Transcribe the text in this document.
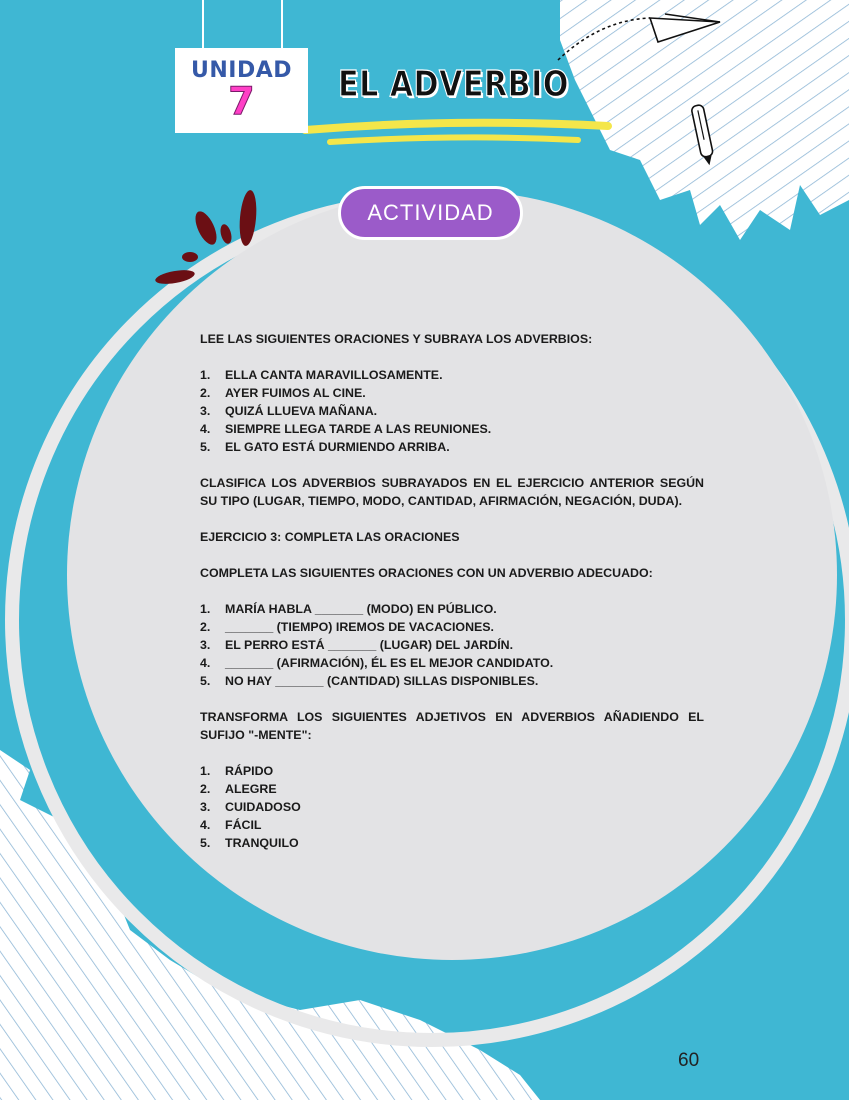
UNIDAD
7	EL ADVERBIO
ACTIVIDAD

LEE LAS SIGUIENTES ORACIONES Y SUBRAYA LOS ADVERBIOS:

1. ELLA CANTA MARAVILLOSAMENTE.
2. AYER FUIMOS AL CINE.
3. QUIZÁ LLUEVA MAÑANA.
4. SIEMPRE LLEGA TARDE A LAS REUNIONES.
5. EL GATO ESTÁ DURMIENDO ARRIBA.

CLASIFICA LOS ADVERBIOS SUBRAYADOS EN EL EJERCICIO ANTERIOR SEGÚN SU TIPO (LUGAR, TIEMPO, MODO, CANTIDAD, AFIRMACIÓN, NEGACIÓN, DUDA).

EJERCICIO 3: COMPLETA LAS ORACIONES

COMPLETA LAS SIGUIENTES ORACIONES CON UN ADVERBIO ADECUADO:

1. MARÍA HABLA _______ (MODO) EN PÚBLICO.
2. _______ (TIEMPO) IREMOS DE VACACIONES.
3. EL PERRO ESTÁ _______ (LUGAR) DEL JARDÍN.
4. _______ (AFIRMACIÓN), ÉL ES EL MEJOR CANDIDATO.
5. NO HAY _______ (CANTIDAD) SILLAS DISPONIBLES.

TRANSFORMA LOS SIGUIENTES ADJETIVOS EN ADVERBIOS AÑADIENDO EL SUFIJO "-MENTE":

1. RÁPIDO
2. ALEGRE
3. CUIDADOSO
4. FÁCIL
5. TRANQUILO
60
